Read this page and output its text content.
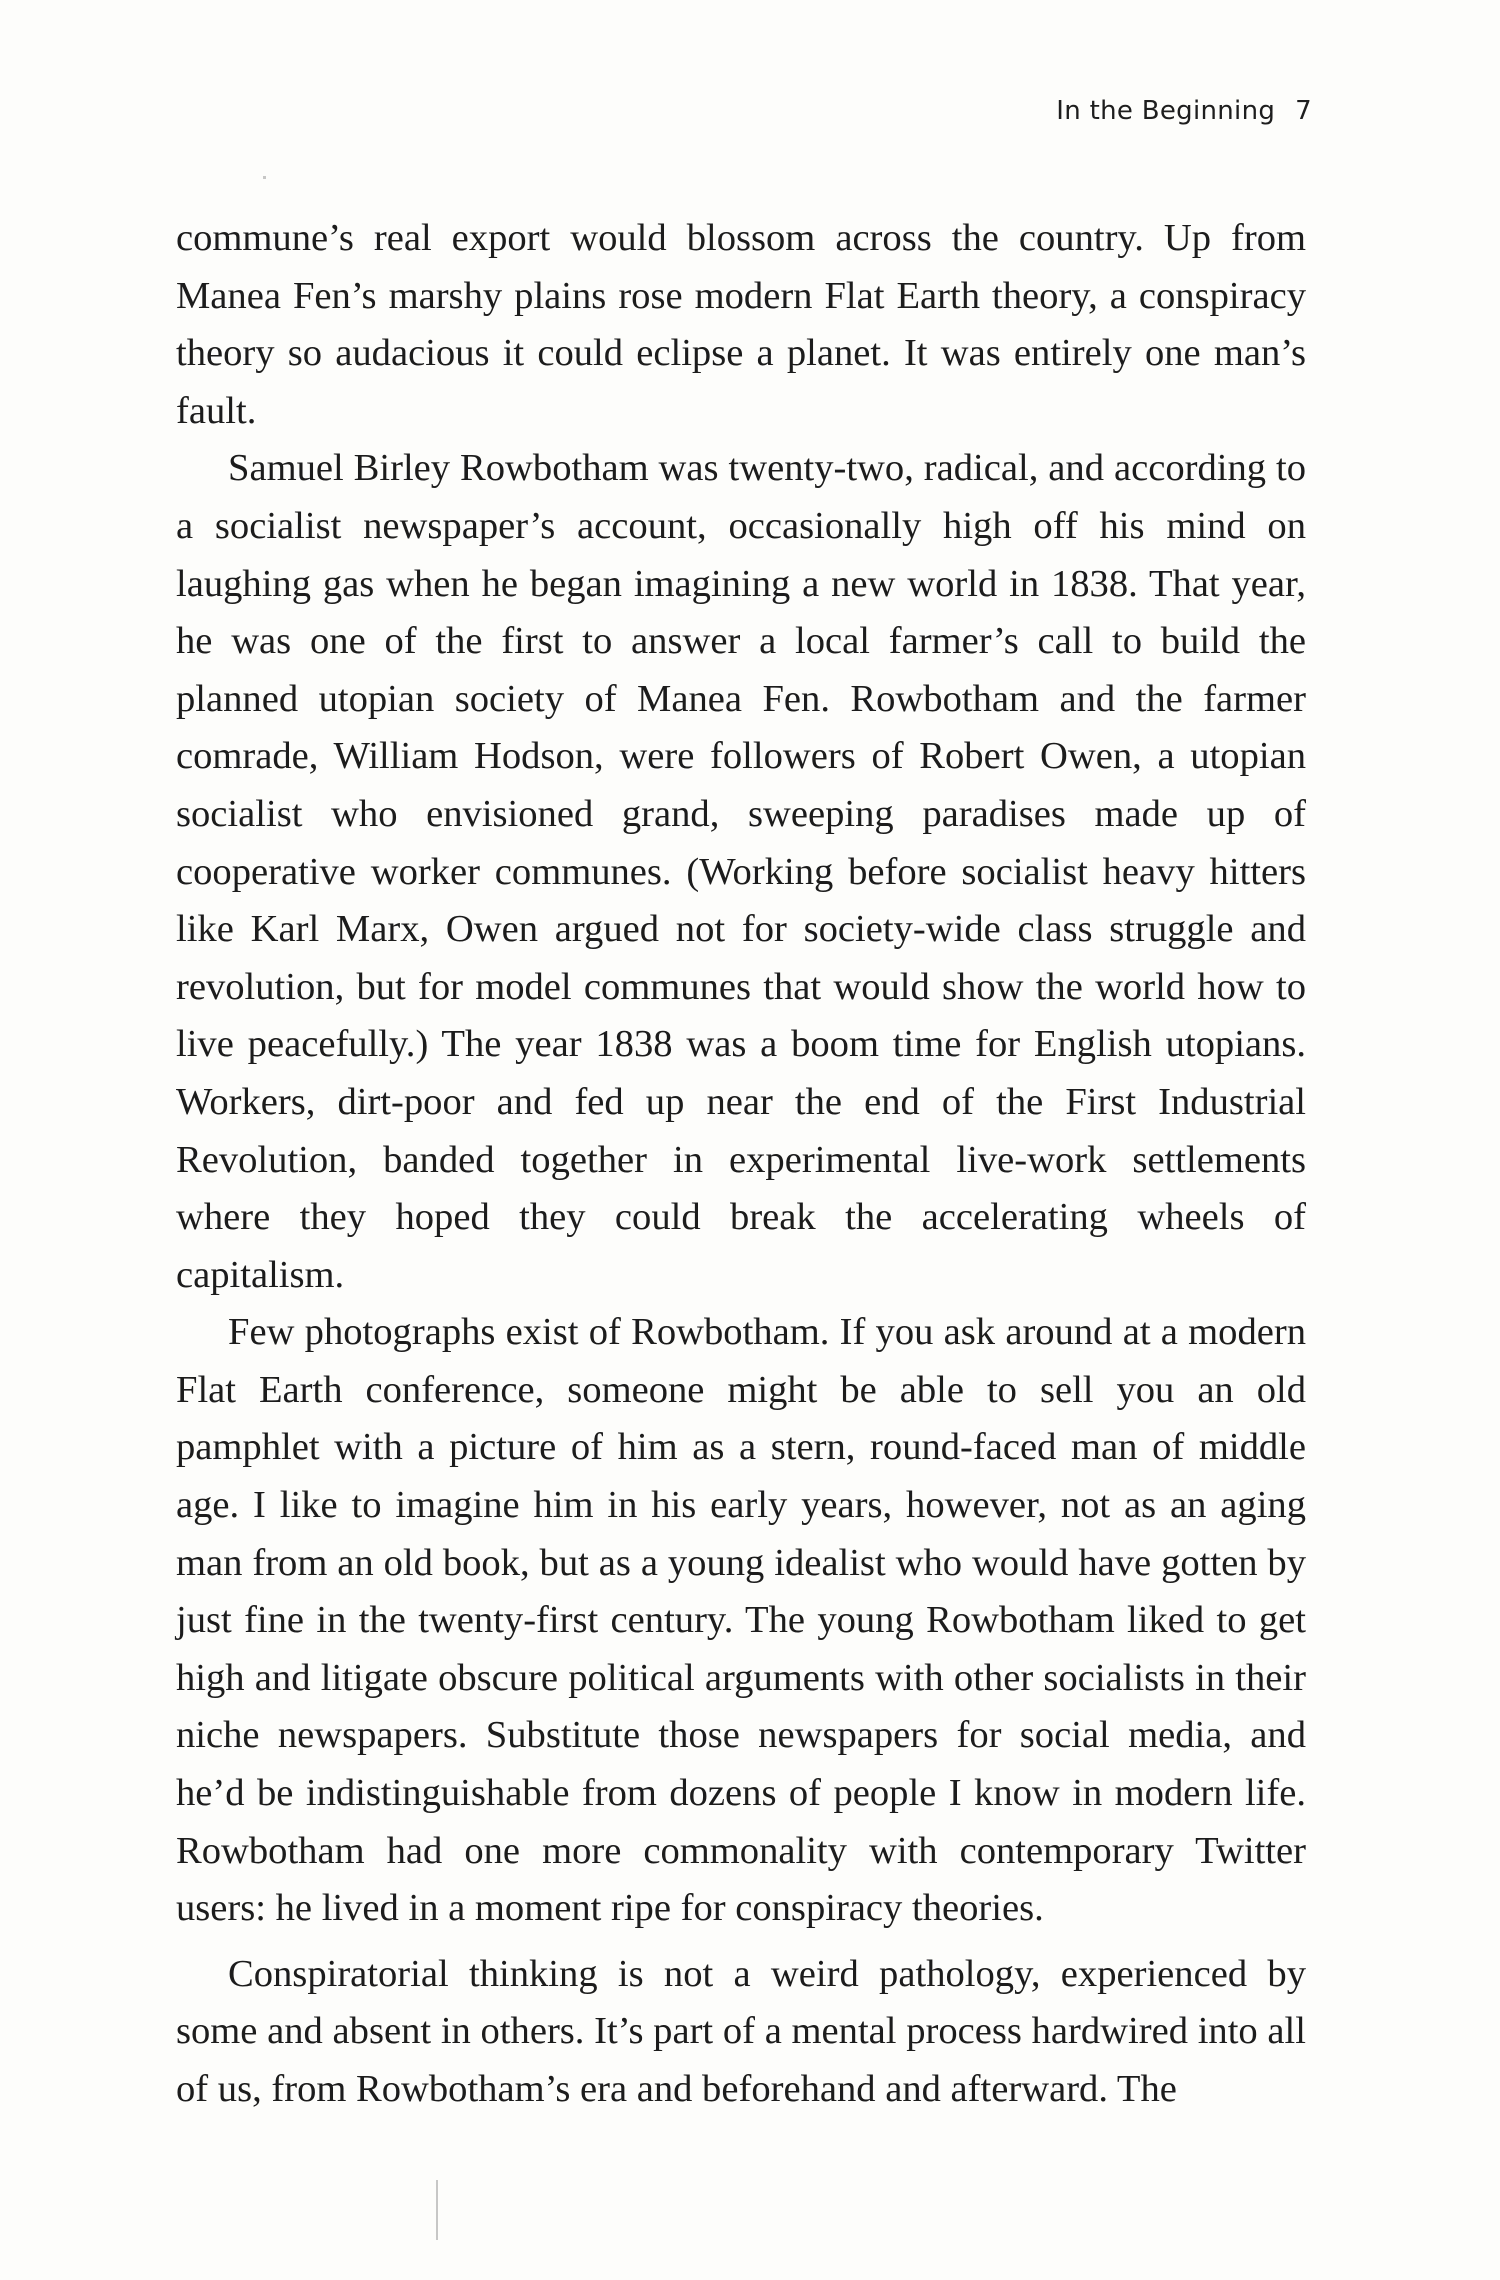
In the Beginning 7

commune’s real export would blossom across the country. Up from Manea Fen’s marshy plains rose modern Flat Earth theory, a conspiracy theory so audacious it could eclipse a planet. It was entirely one man’s fault.

Samuel Birley Rowbotham was twenty-two, radical, and according to a socialist newspaper’s account, occasionally high off his mind on laughing gas when he began imagining a new world in 1838. That year, he was one of the first to answer a local farmer’s call to build the planned utopian society of Manea Fen. Rowbotham and the farmer comrade, William Hodson, were followers of Robert Owen, a utopian socialist who envisioned grand, sweeping paradises made up of cooperative worker communes. (Working before socialist heavy hitters like Karl Marx, Owen argued not for society-wide class struggle and revolution, but for model communes that would show the world how to live peacefully.) The year 1838 was a boom time for English utopians. Workers, dirt-poor and fed up near the end of the First Industrial Revolution, banded together in experimental live-work settlements where they hoped they could break the accelerating wheels of capitalism.

Few photographs exist of Rowbotham. If you ask around at a modern Flat Earth conference, someone might be able to sell you an old pamphlet with a picture of him as a stern, round-faced man of middle age. I like to imagine him in his early years, however, not as an aging man from an old book, but as a young idealist who would have gotten by just fine in the twenty-first century. The young Rowbotham liked to get high and litigate obscure political arguments with other socialists in their niche newspapers. Substitute those newspapers for social media, and he’d be indistinguishable from dozens of people I know in modern life. Rowbotham had one more commonality with contemporary Twitter users: he lived in a moment ripe for conspiracy theories.

Conspiratorial thinking is not a weird pathology, experienced by some and absent in others. It’s part of a mental process hardwired into all of us, from Rowbotham’s era and beforehand and afterward. The
